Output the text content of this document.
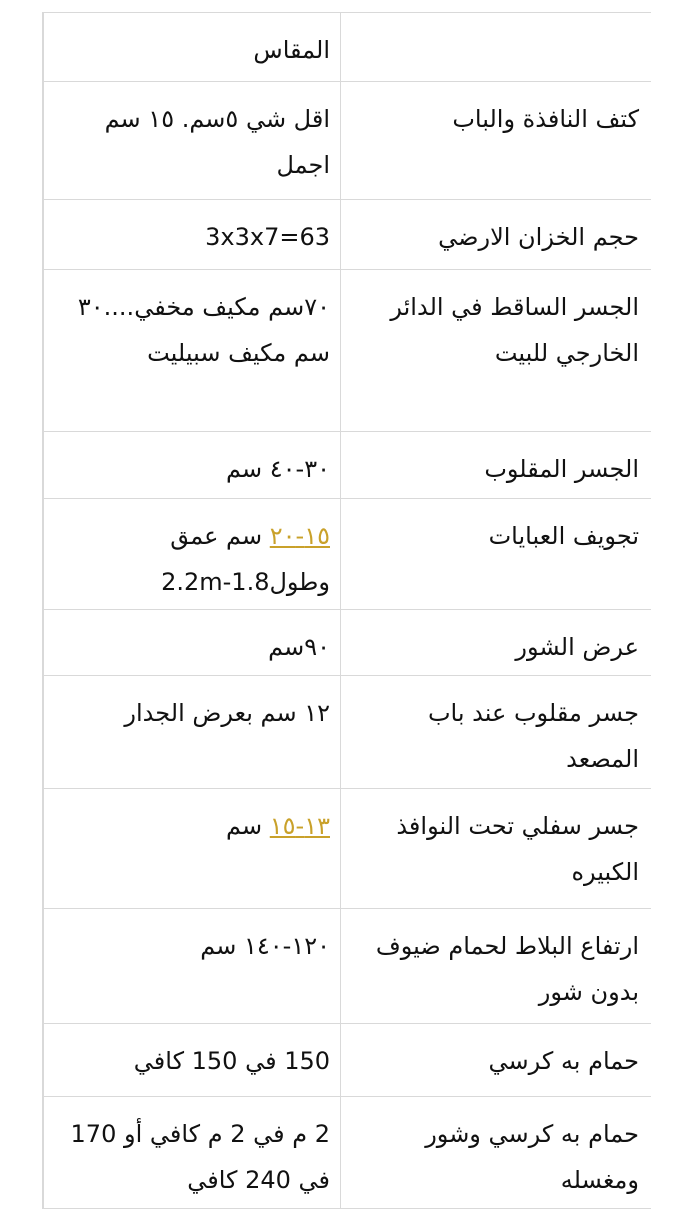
المقاس
كتف النافذة والباب
اقل شي ٥سم. ١٥ سم اجمل
حجم الخزان الارضي
3x3x7=63
الجسر الساقط في الدائر الخارجي للبيت
٧٠سم مكيف مخفي....٣٠ سم مكيف سبيليت
الجسر المقلوب
٣٠-٤٠ سم
تجويف العبايات
١٥-٢٠ سم عمق وطول1.8-2.2m
عرض الشور
٩٠سم
جسر مقلوب عند باب المصعد
١٢ سم بعرض الجدار
جسر سفلي تحت النوافذ الكبيره
١٣-١٥ سم
ارتفاع البلاط لحمام ضيوف بدون شور
١٢٠-١٤٠ سم
حمام به كرسي
150 في 150 كافي
حمام به كرسي وشور ومغسله
2 م في 2 م كافي أو 170 في 240 كافي
